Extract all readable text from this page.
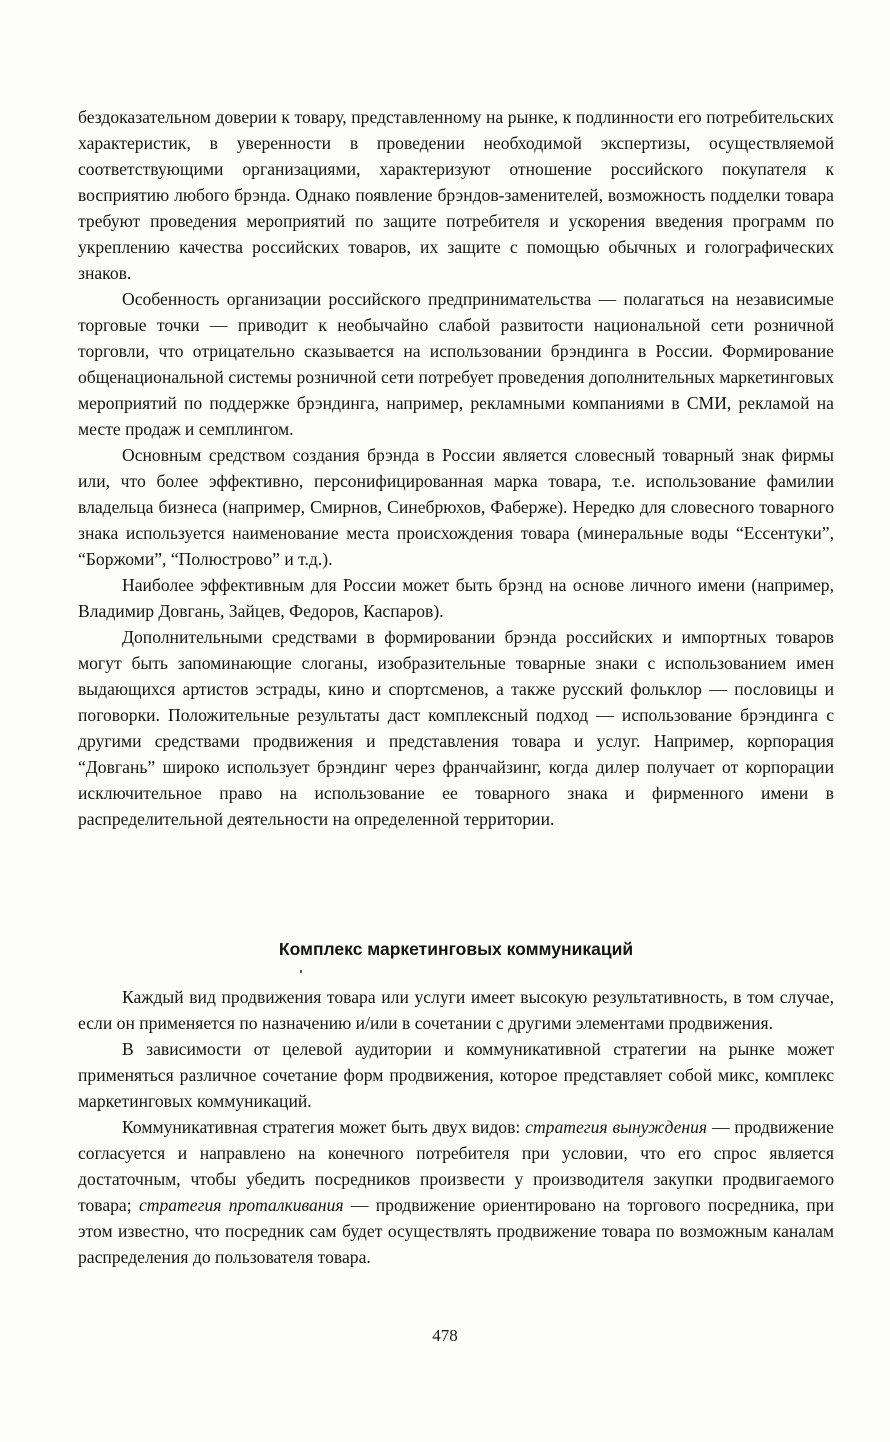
бездоказательном доверии к товару, представленному на рынке, к подлинности его потребительских характеристик, в уверенности в проведении необходимой экспертизы, осуществляемой соответствующими организациями, характеризуют отношение российского покупателя к восприятию любого брэнда. Однако появление брэндов-заменителей, возможность подделки товара требуют проведения мероприятий по защите потребителя и ускорения введения программ по укреплению качества российских товаров, их защите с помощью обычных и голографических знаков.

Особенность организации российского предпринимательства — полагаться на независимые торговые точки — приводит к необычайно слабой развитости национальной сети розничной торговли, что отрицательно сказывается на использовании брэндинга в России. Формирование общенациональной системы розничной сети потребует проведения дополнительных маркетинговых мероприятий по поддержке брэндинга, например, рекламными компаниями в СМИ, рекламой на месте продаж и семплингом.

Основным средством создания брэнда в России является словесный товарный знак фирмы или, что более эффективно, персонифицированная марка товара, т.е. использование фамилии владельца бизнеса (например, Смирнов, Синебрюхов, Фаберже). Нередко для словесного товарного знака используется наименование места происхождения товара (минеральные воды “Ессентуки”, “Боржоми”, “Полюстрово” и т.д.).

Наиболее эффективным для России может быть брэнд на основе личного имени (например, Владимир Довгань, Зайцев, Федоров, Каспаров).

Дополнительными средствами в формировании брэнда российских и импортных товаров могут быть запоминающие слоганы, изобразительные товарные знаки с использованием имен выдающихся артистов эстрады, кино и спортсменов, а также русский фольклор — пословицы и поговорки. Положительные результаты даст комплексный подход — использование брэндинга с другими средствами продвижения и представления товара и услуг. Например, корпорация “Довгань” широко использует брэндинг через франчайзинг, когда дилер получает от корпорации исключительное право на использование ее товарного знака и фирменного имени в распределительной деятельности на определенной территории.

Комплекс маркетинговых коммуникаций

Каждый вид продвижения товара или услуги имеет высокую результативность, в том случае, если он применяется по назначению и/или в сочетании с другими элементами продвижения.

В зависимости от целевой аудитории и коммуникативной стратегии на рынке может применяться различное сочетание форм продвижения, которое представляет собой микс, комплекс маркетинговых коммуникаций.

Коммуникативная стратегия может быть двух видов: стратегия вынуждения — продвижение согласуется и направлено на конечного потребителя при условии, что его спрос является достаточным, чтобы убедить посредников произвести у производителя закупки продвигаемого товара; стратегия проталкивания — продвижение ориентировано на торгового посредника, при этом известно, что посредник сам будет осуществлять продвижение товара по возможным каналам распределения до пользователя товара.

478
